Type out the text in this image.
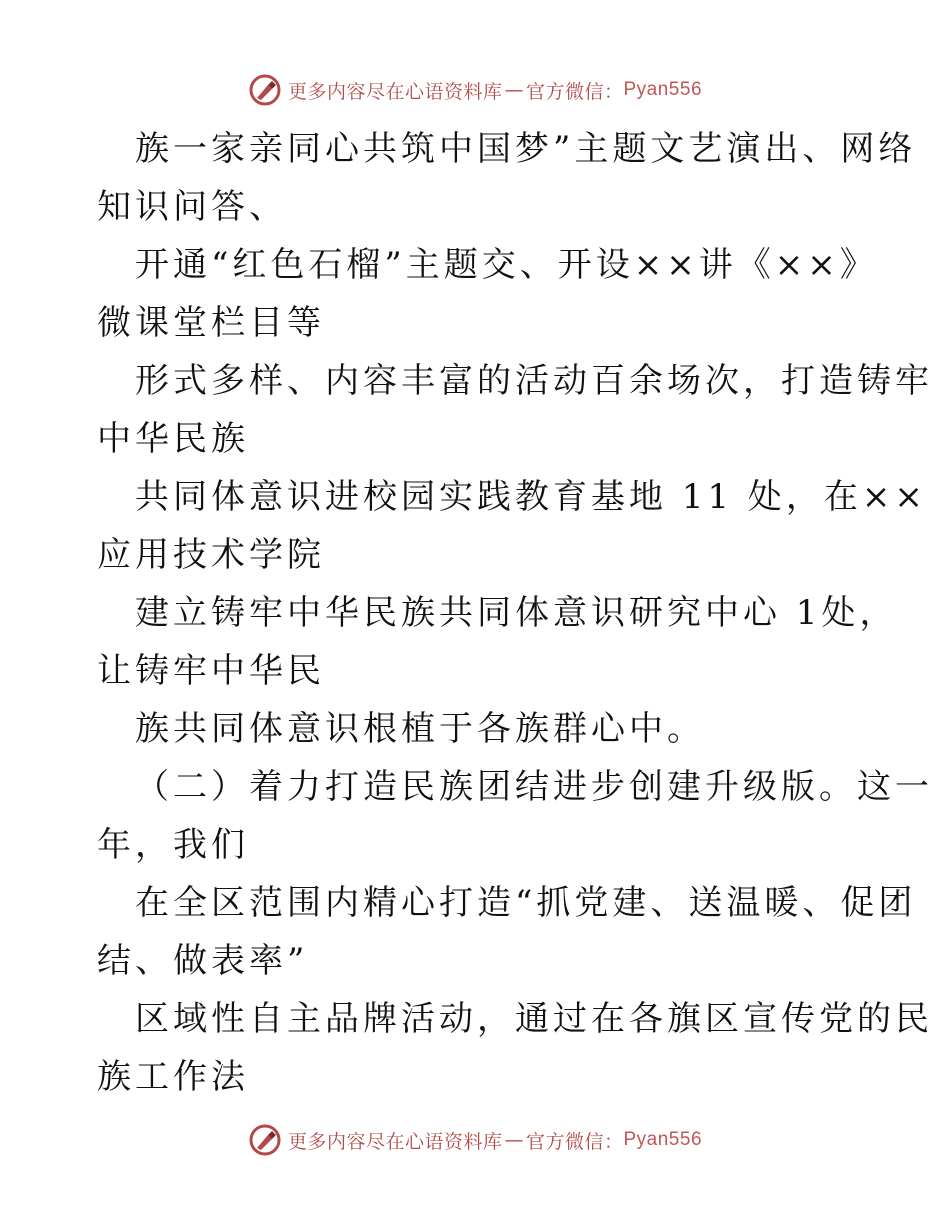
更多内容尽在心语资料库 — 官方微信： Pyan556

族一家亲同心共筑中国梦”主题文艺演出、网络
知识问答、

开通“红色石榴”主题交、开设××讲《××》
微课堂栏目等

形式多样、内容丰富的活动百余场次，打造铸牢
中华民族

共同体意识进校园实践教育基地 11 处，在××
应用技术学院

建立铸牢中华民族共同体意识研究中心 1处，
让铸牢中华民

族共同体意识根植于各族群心中。

（二）着力打造民族团结进步创建升级版。这一
年，我们

在全区范围内精心打造“抓党建、送温暖、促团
结、做表率”

区域性自主品牌活动，通过在各旗区宣传党的民
族工作法

更多内容尽在心语资料库 — 官方微信： Pyan556
